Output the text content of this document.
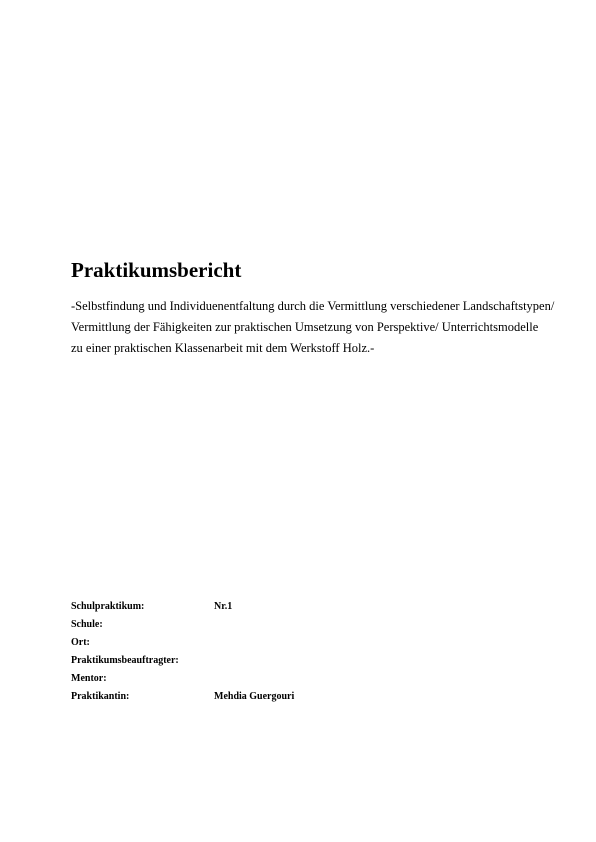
Praktikumsbericht
-Selbstfindung und Individuenentfaltung durch die Vermittlung verschiedener Landschaftstypen/
Vermittlung der Fähigkeiten zur praktischen Umsetzung von Perspektive/ Unterrichtsmodelle
zu einer praktischen Klassenarbeit mit dem Werkstoff Holz.-
Schulpraktikum:	Nr.1
Schule:
Ort:
Praktikumsbeauftragter:
Mentor:
Praktikantin:	Mehdia Guergouri
